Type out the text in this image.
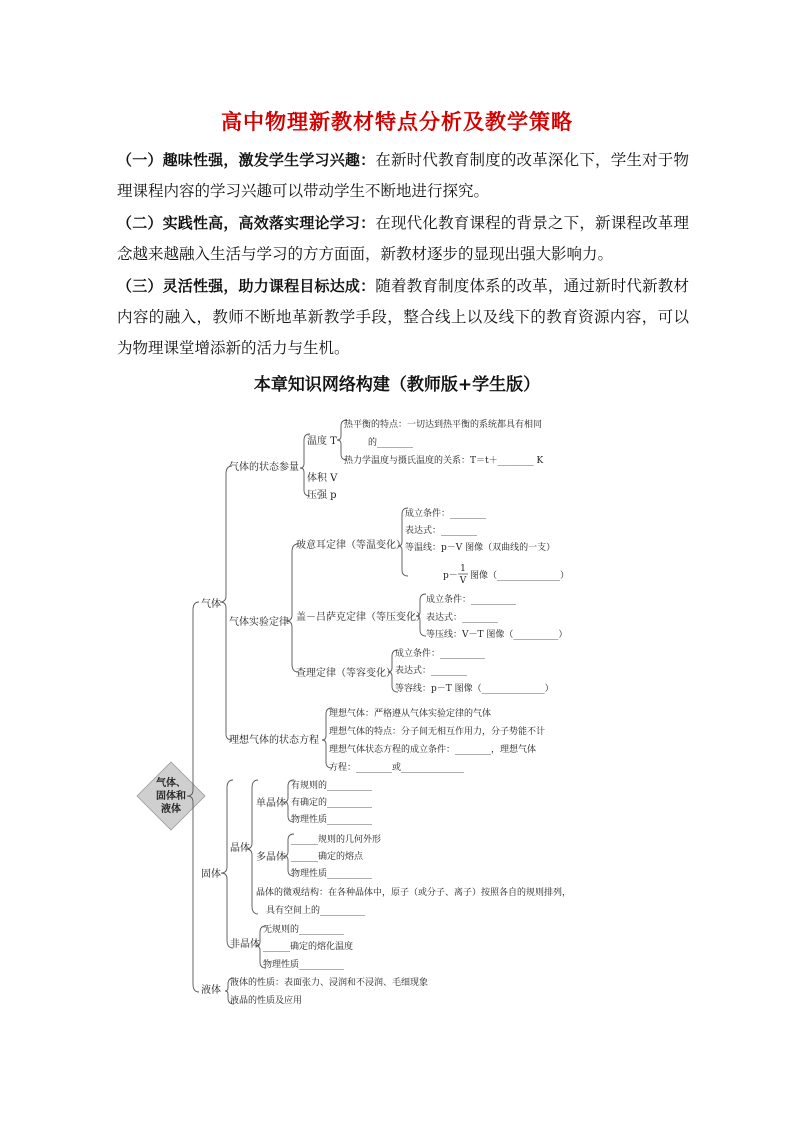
高中物理新教材特点分析及教学策略
（一）趣味性强，激发学生学习兴趣：在新时代教育制度的改革深化下，学生对于物理课程内容的学习兴趣可以带动学生不断地进行探究。
（二）实践性高，高效落实理论学习：在现代化教育课程的背景之下，新课程改革理念越来越融入生活与学习的方方面面，新教材逐步的显现出强大影响力。
（三）灵活性强，助力课程目标达成：随着教育制度体系的改革，通过新时代新教材内容的融入，教师不断地革新教学手段，整合线上以及线下的教育资源内容，可以为物理课堂增添新的活力与生机。
本章知识网络构建（教师版+学生版）
气体、
固体和
液体
气体
固体
液体
气体的状态参量
气体实验定律
理想气体的状态方程
温度 T
体积 V
压强 p
热平衡的特点：一切达到热平衡的系统都具有相同
的________
热力学温度与摄氏温度的关系：T＝t＋________ K
玻意耳定律（等温变化）
盖－吕萨克定律（等压变化）
查理定律（等容变化）
成立条件：________
表达式：________
等温线：p－V 图像（双曲线的一支）
p－
1
V 图像（______________）
成立条件：__________
表达式：________
等压线：V－T 图像（__________）
成立条件：__________
表达式：________
等容线：p－T 图像（______________）
理想气体：严格遵从气体实验定律的气体
理想气体的特点：分子间无相互作用力，分子势能不计
理想气体状态方程的成立条件：________，理想气体
方程：________或______________
晶体
非晶体
单晶体
多晶体
晶体的微观结构：在各种晶体中，原子（或分子、离子）按照各自的规则排列，
具有空间上的__________
有规则的__________
有确定的__________
物理性质__________
______规则的几何外形
______确定的熔点
物理性质__________
无规则的__________
______确定的熔化温度
物理性质__________
液体的性质：表面张力、浸润和不浸润、毛细现象
液晶的性质及应用
